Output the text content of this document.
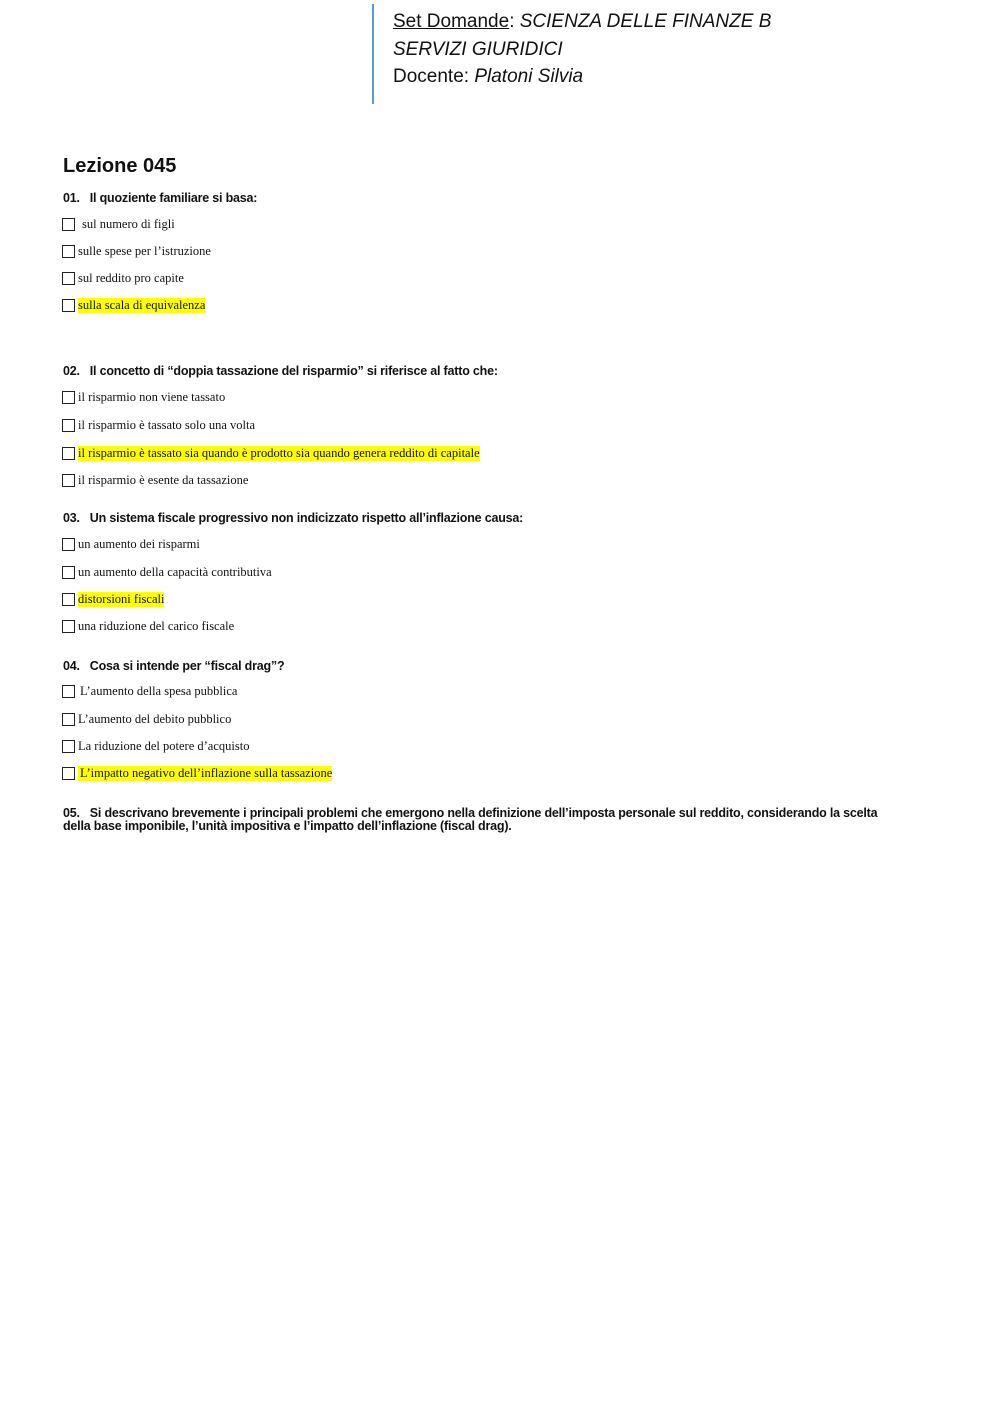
Set Domande: SCIENZA DELLE FINANZE B
SERVIZI GIURIDICI
Docente: Platoni Silvia
Lezione 045
01. Il quoziente familiare si basa:
sul numero di figli
sulle spese per l’istruzione
sul reddito pro capite
sulla scala di equivalenza
02. Il concetto di “doppia tassazione del risparmio” si riferisce al fatto che:
il risparmio non viene tassato
il risparmio è tassato solo una volta
il risparmio è tassato sia quando è prodotto sia quando genera reddito di capitale
il risparmio è esente da tassazione
03. Un sistema fiscale progressivo non indicizzato rispetto all’inflazione causa:
un aumento dei risparmi
un aumento della capacità contributiva
distorsioni fiscali
una riduzione del carico fiscale
04. Cosa si intende per “fiscal drag”?
L’aumento della spesa pubblica
L’aumento del debito pubblico
La riduzione del potere d’acquisto
L’impatto negativo dell’inflazione sulla tassazione
05. Si descrivano brevemente i principali problemi che emergono nella definizione dell’imposta personale sul reddito, considerando la scelta della base imponibile, l’unità impositiva e l’impatto dell’inflazione (fiscal drag).
